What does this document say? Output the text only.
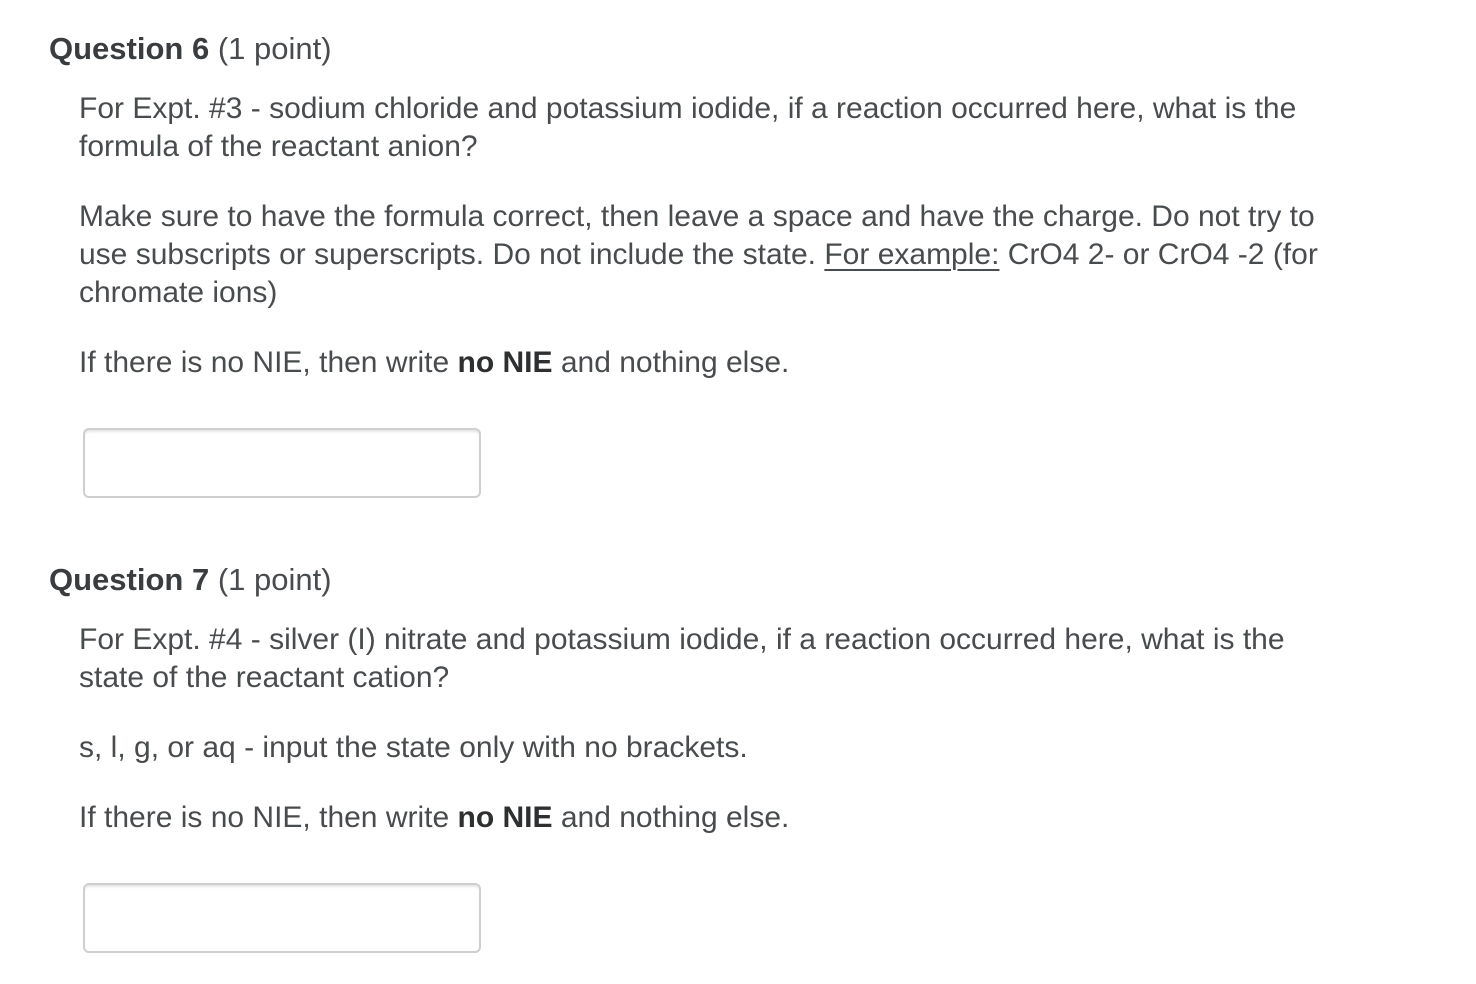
Question 6 (1 point)

For Expt. #3 - sodium chloride and potassium iodide, if a reaction occurred here, what is the formula of the reactant anion?

Make sure to have the formula correct, then leave a space and have the charge. Do not try to use subscripts or superscripts. Do not include the state. For example: CrO4 2- or CrO4 -2 (for chromate ions)

If there is no NIE, then write no NIE and nothing else.

Question 7 (1 point)

For Expt. #4 - silver (I) nitrate and potassium iodide, if a reaction occurred here, what is the state of the reactant cation?

s, l, g, or aq - input the state only with no brackets.

If there is no NIE, then write no NIE and nothing else.
